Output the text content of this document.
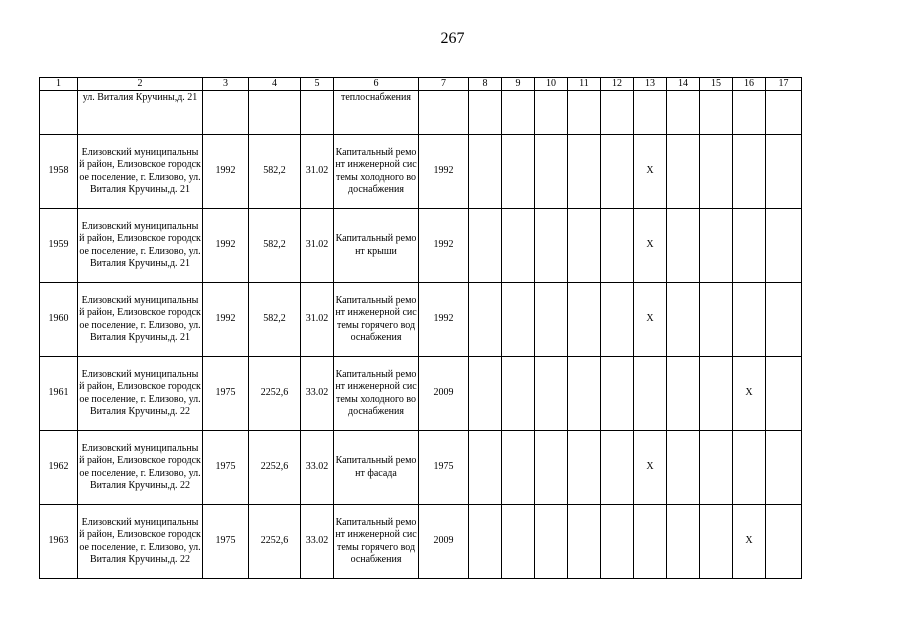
267
1	2	3	4	5	6	7	8	9	10	11	12	13	14	15	16	17
	ул. Виталия Кручины,д. 21				теплоснабжения											
1958	Елизовский муниципальный район, Елизовское городское поселение, г. Елизово, ул. Виталия Кручины,д. 21	1992	582,2	31.02	Капитальный ремонт инженерной системы холодного водоснабжения	1992						X				
1959	Елизовский муниципальный район, Елизовское городское поселение, г. Елизово, ул. Виталия Кручины,д. 21	1992	582,2	31.02	Капитальный ремонт крыши	1992						X				
1960	Елизовский муниципальный район, Елизовское городское поселение, г. Елизово, ул. Виталия Кручины,д. 21	1992	582,2	31.02	Капитальный ремонт инженерной системы горячего водоснабжения	1992						X				
1961	Елизовский муниципальный район, Елизовское городское поселение, г. Елизово, ул. Виталия Кручины,д. 22	1975	2252,6	33.02	Капитальный ремонт инженерной системы холодного водоснабжения	2009									X	
1962	Елизовский муниципальный район, Елизовское городское поселение, г. Елизово, ул. Виталия Кручины,д. 22	1975	2252,6	33.02	Капитальный ремонт фасада	1975						X				
1963	Елизовский муниципальный район, Елизовское городское поселение, г. Елизово, ул. Виталия Кручины,д. 22	1975	2252,6	33.02	Капитальный ремонт инженерной системы горячего водоснабжения	2009									X	
